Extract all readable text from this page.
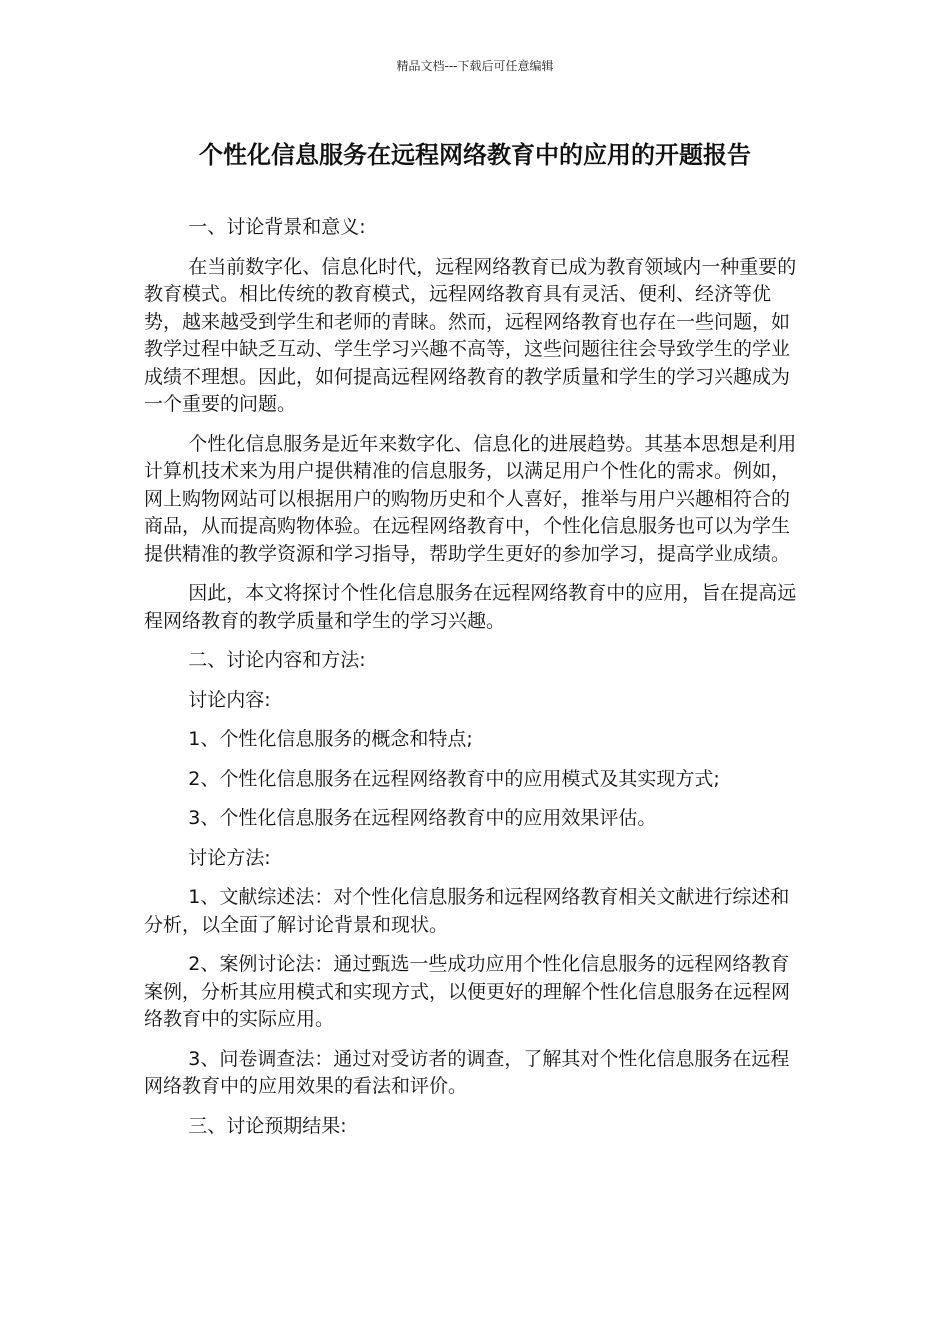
精品文档---下载后可任意编辑
个性化信息服务在远程网络教育中的应用的开题报告

一、讨论背景和意义:

在当前数字化、信息化时代，远程网络教育已成为教育领域内一种重要的教育模式。相比传统的教育模式，远程网络教育具有灵活、便利、经济等优势，越来越受到学生和老师的青睐。然而，远程网络教育也存在一些问题，如教学过程中缺乏互动、学生学习兴趣不高等，这些问题往往会导致学生的学业成绩不理想。因此，如何提高远程网络教育的教学质量和学生的学习兴趣成为一个重要的问题。

个性化信息服务是近年来数字化、信息化的进展趋势。其基本思想是利用计算机技术来为用户提供精准的信息服务，以满足用户个性化的需求。例如，网上购物网站可以根据用户的购物历史和个人喜好，推举与用户兴趣相符合的商品，从而提高购物体验。在远程网络教育中，个性化信息服务也可以为学生提供精准的教学资源和学习指导，帮助学生更好的参加学习，提高学业成绩。

因此，本文将探讨个性化信息服务在远程网络教育中的应用，旨在提高远程网络教育的教学质量和学生的学习兴趣。

二、讨论内容和方法:

讨论内容:

1、个性化信息服务的概念和特点;

2、个性化信息服务在远程网络教育中的应用模式及其实现方式;

3、个性化信息服务在远程网络教育中的应用效果评估。

讨论方法:

1、文献综述法：对个性化信息服务和远程网络教育相关文献进行综述和分析，以全面了解讨论背景和现状。

2、案例讨论法：通过甄选一些成功应用个性化信息服务的远程网络教育案例，分析其应用模式和实现方式，以便更好的理解个性化信息服务在远程网络教育中的实际应用。

3、问卷调查法：通过对受访者的调查，了解其对个性化信息服务在远程网络教育中的应用效果的看法和评价。

三、讨论预期结果:
